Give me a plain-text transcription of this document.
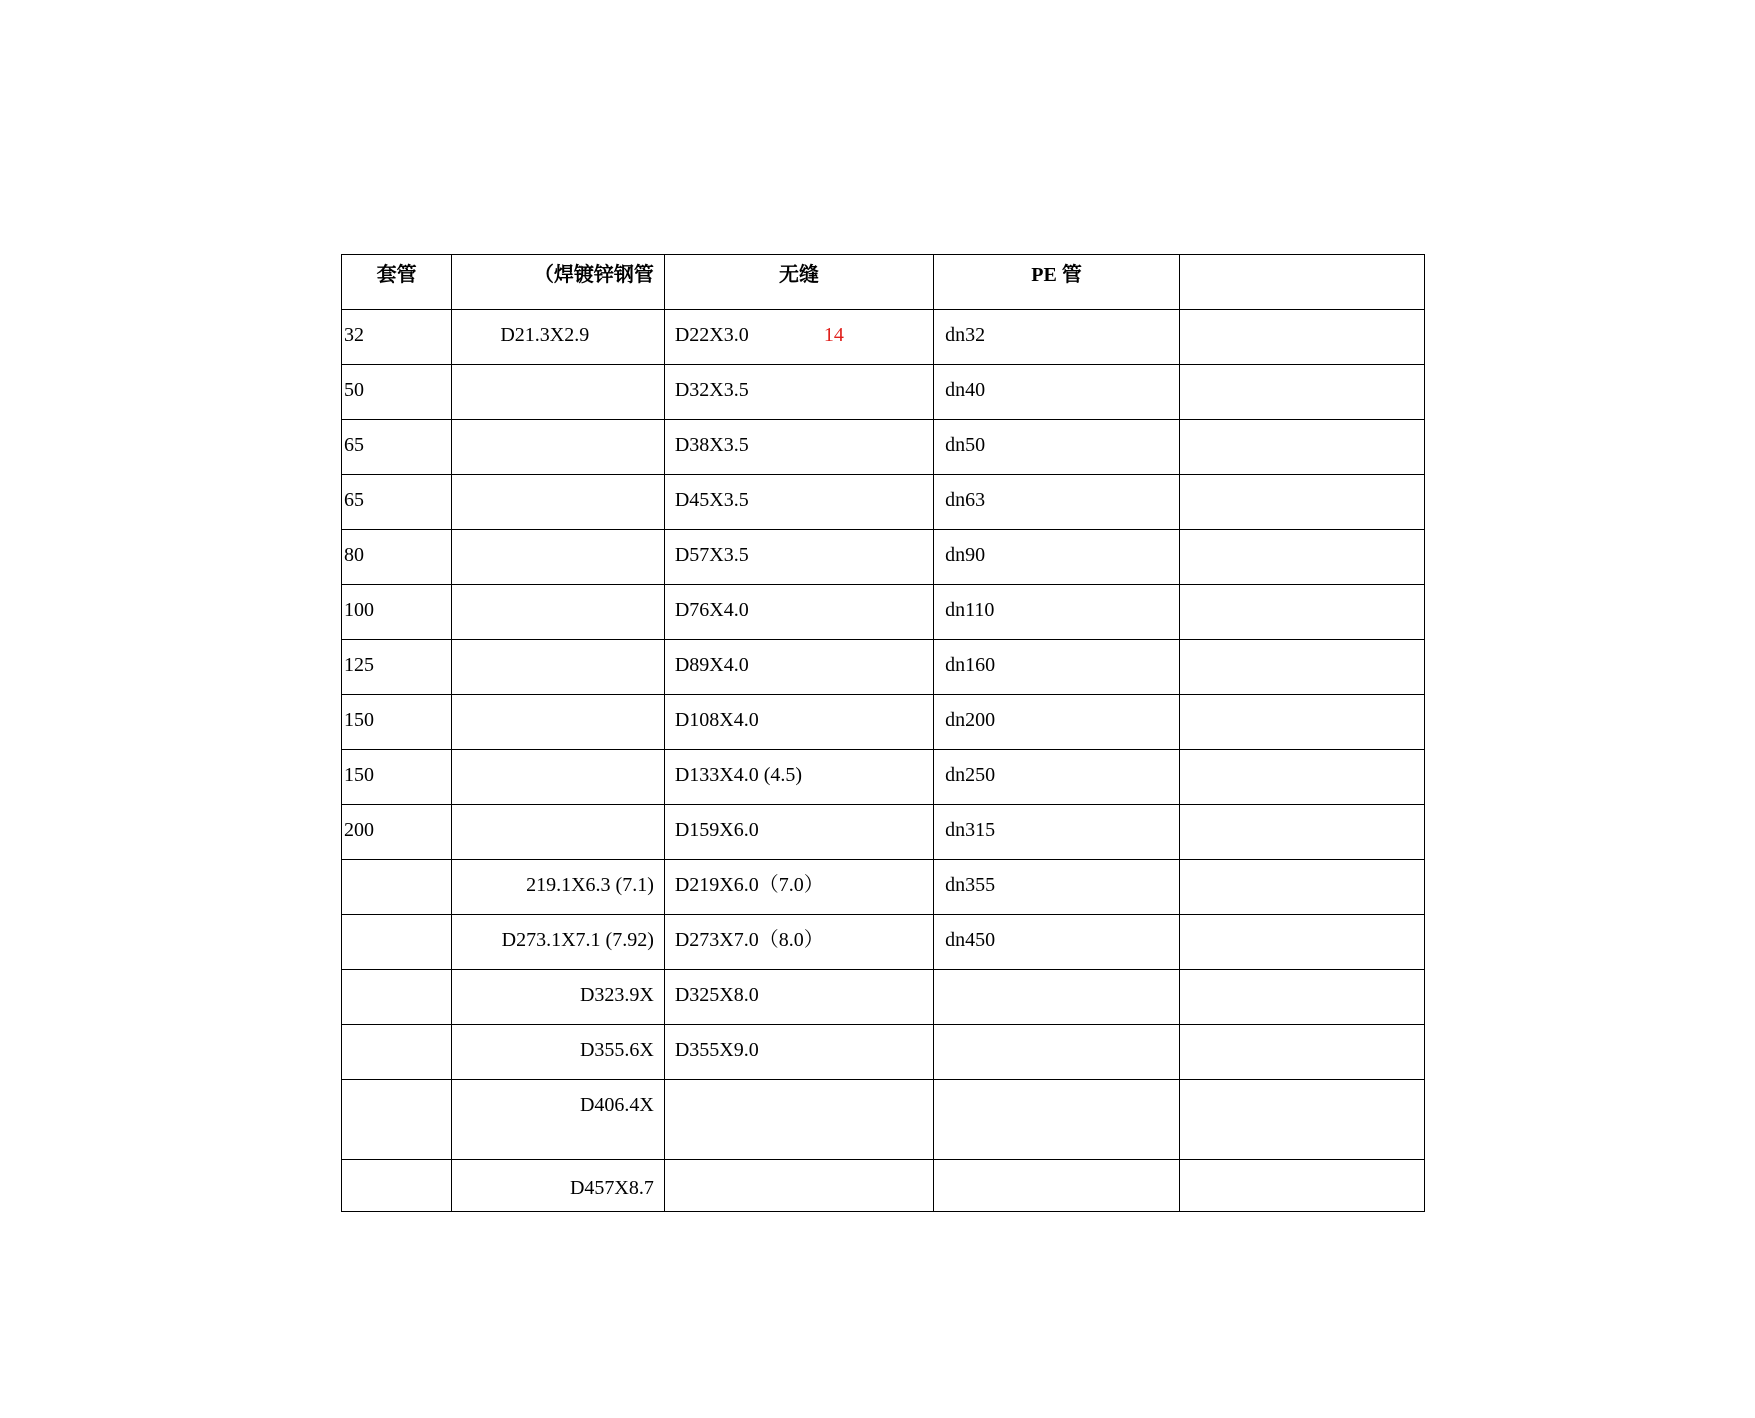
套管	（焊镀锌钢管	无缝	PE 管	

32	D21.3X2.9	D22X3.0 14	dn32	

50		D32X3.5	dn40	

65		D38X3.5	dn50	

65		D45X3.5	dn63	

80		D57X3.5	dn90	

100		D76X4.0	dn110	

125		D89X4.0	dn160	

150		D108X4.0	dn200	

150		D133X4.0 (4.5)	dn250	

200		D159X6.0	dn315	

	219.1X6.3 (7.1)	D219X6.0（7.0）	dn355	

	D273.1X7.1 (7.92)	D273X7.0（8.0）	dn450	

	D323.9X	D325X8.0		

	D355.6X	D355X9.0		

	D406.4X			

	D457X8.7			
